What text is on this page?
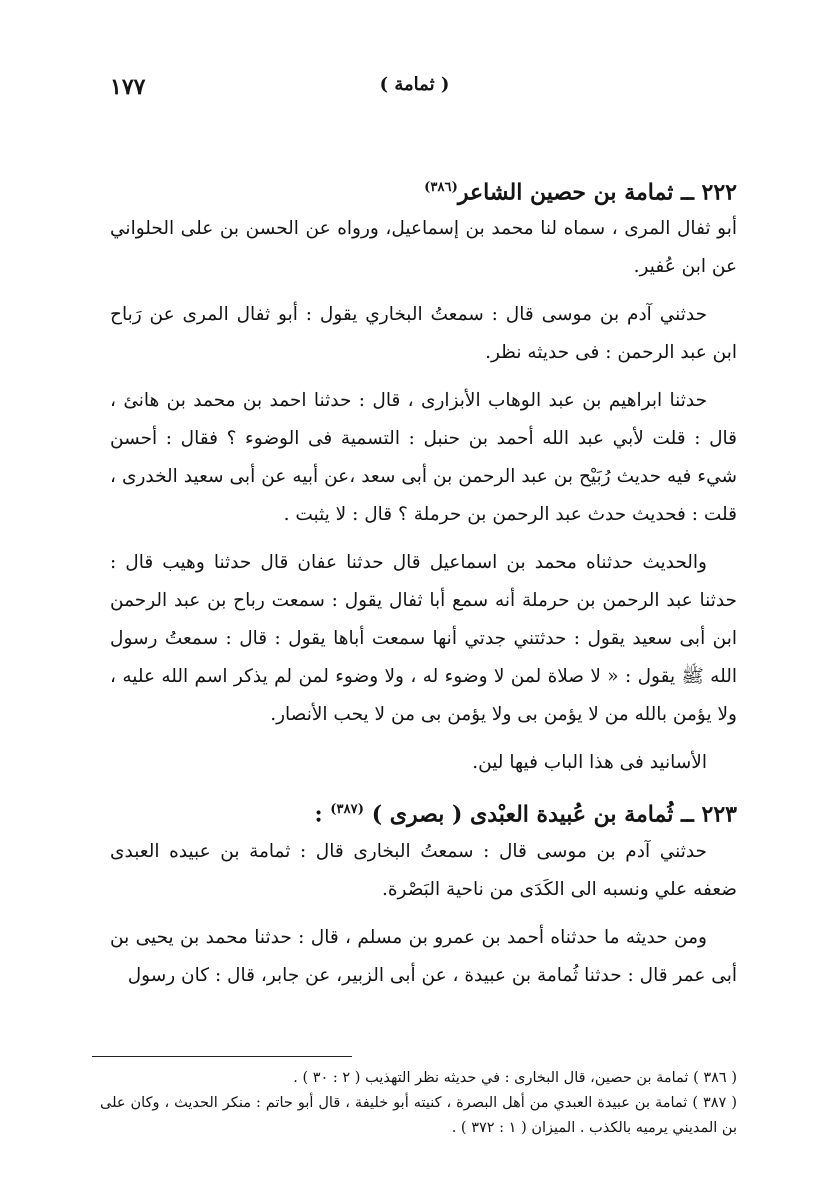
( ثمامة )
١٧٧
٢٢٢ ــ ثمامة بن حصين الشاعر$^{(٣٨٦)}$

أبو ثفال المرى ، سماه لنا محمد بن إسماعيل، ورواه عن الحسن بن على الحلواني عن ابن عُفير.

حدثني آدم بن موسى قال : سمعتُ البخاري يقول : أبو ثفال المرى عن رَباح ابن عبد الرحمن : فى حديثه نظر.

حدثنا ابراهيم بن عبد الوهاب الأبزارى ، قال : حدثنا احمد بن محمد بن هانئ ، قال : قلت لأبي عبد الله أحمد بن حنبل : التسمية فى الوضوء ؟ فقال : أحسن شيء فيه حديث رُبَيْح بن عبد الرحمن بن أبى سعد ،عن أبيه عن أبى سعيد الخدرى ، قلت : فحديث حدث عبد الرحمن بن حرملة ؟ قال : لا يثبت .

والحديث حدثناه محمد بن اسماعيل قال حدثنا عفان قال حدثنا وهيب قال : حدثنا عبد الرحمن بن حرملة أنه سمع أبا ثفال يقول : سمعت رباح بن عبد الرحمن ابن أبى سعيد يقول : حدثتني جدتي أنها سمعت أباها يقول : قال : سمعتُ رسول الله ﷺ يقول : « لا صلاة لمن لا وضوء له ، ولا وضوء لمن لم يذكر اسم الله عليه ، ولا يؤمن بالله من لا يؤمن بى ولا يؤمن بى من لا يحب الأنصار.

الأسانيد فى هذا الباب فيها لين.

٢٢٣ ــ ثُمامة بن عُبيدة العبْدى ( بصرى ) $^{(٣٨٧)}$ :

حدثني آدم بن موسى قال : سمعتُ البخارى قال : ثمامة بن عبيده العبدى ضعفه علي ونسبه الى الكَدَى من ناحية البَصْرة.

ومن حديثه ما حدثناه أحمد بن عمرو بن مسلم ، قال : حدثنا محمد بن يحيى بن أبى عمر قال : حدثنا ثُمامة بن عبيدة ، عن أبى الزبير، عن جابر، قال : كان رسول

( ٣٨٦ ) ثمامة بن حصين، قال البخارى : في حديثه نظر التهذيب ( ٢ : ٣٠ ) .

( ٣٨٧ ) ثمامة بن عبيدة العبدي من أهل البصرة ، كنيته أبو خليفة ، قال أبو حاتم : منكر الحديث ، وكان على بن المديني يرميه بالكذب . الميزان ( ١ : ٣٧٢ ) .
